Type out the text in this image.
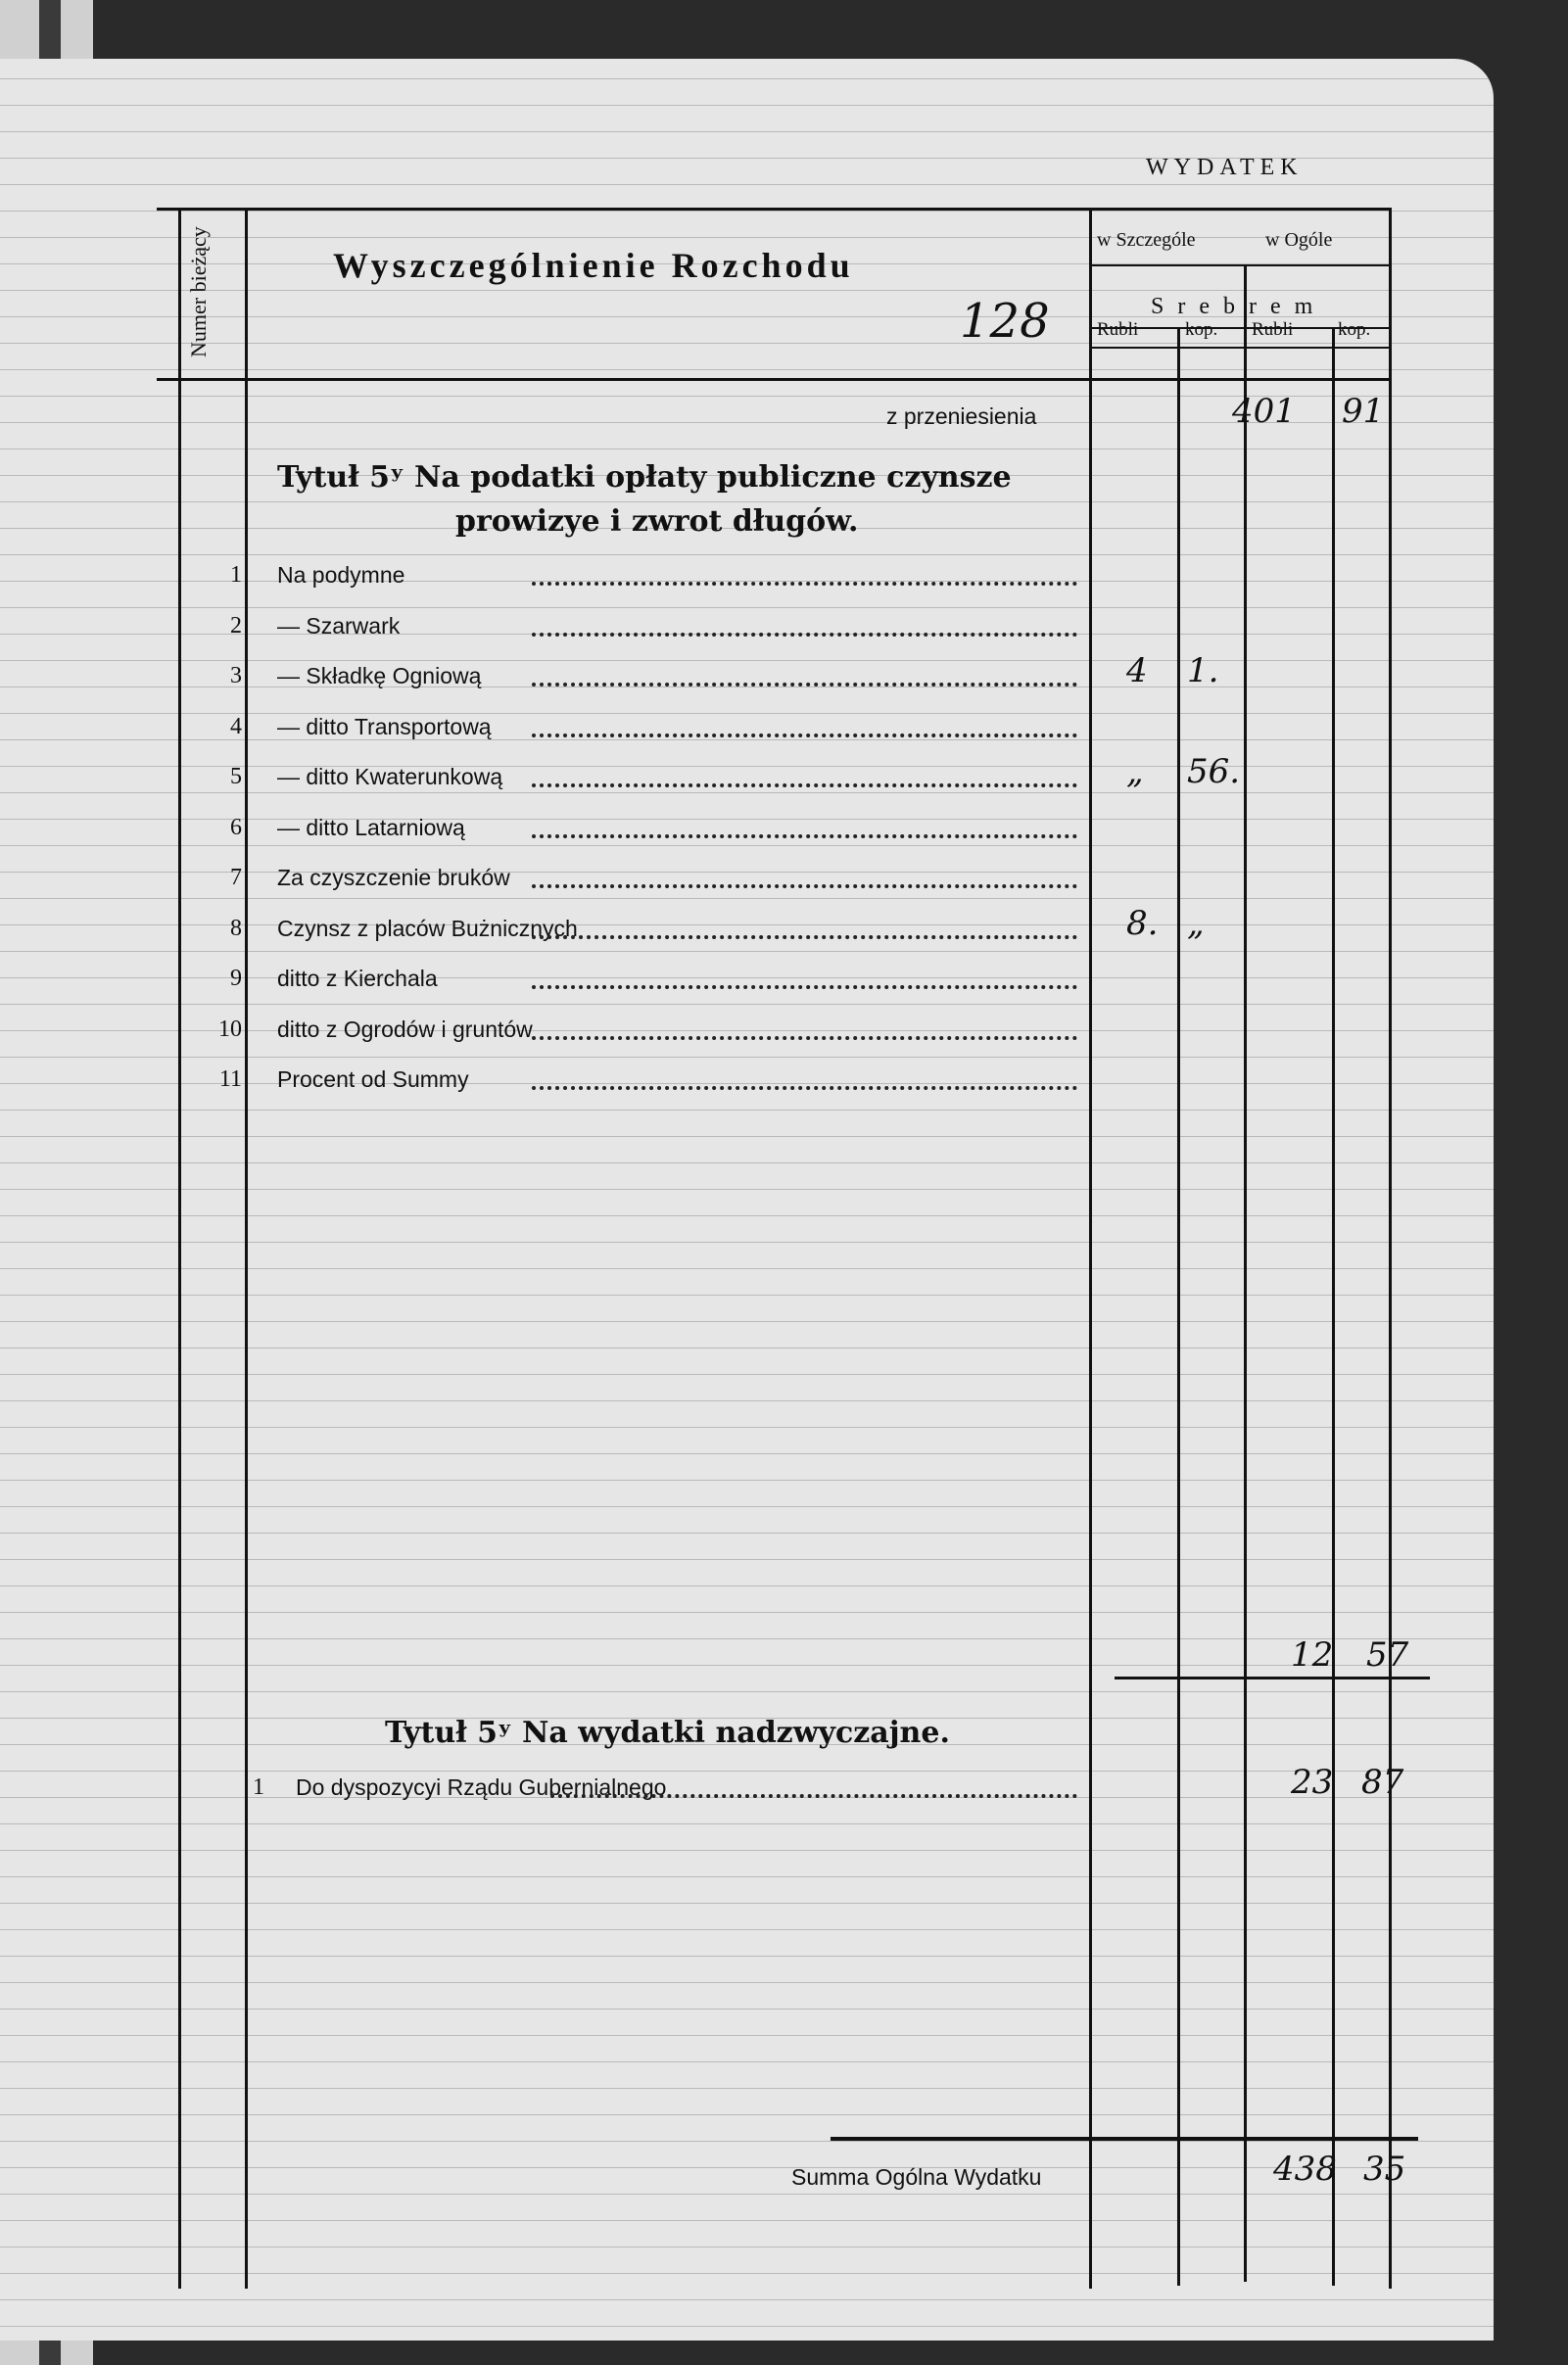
Numer bieżący	Wyszczególnienie Rozchodu
128
WYDATEK
w Szczególe	w Ogóle
Srebrem
Rubli	kop. Rubli kop.
z przeniesienia	401 91
Tytuł 5ʸ Na podatki opłaty publiczne czynsze
prowizye i zwrot długów.
1 Na podymne
2 — Szarwark
3 — Składkę Ogniową	4 1.
4 — ditto Transportową
5 — ditto Kwaterunkową	„ 56.
6 — ditto Latarniową
7 Za czyszczenie bruków
8 Czynsz z placów Bużnicznych	8. „
9 ditto z Kierchala
10 ditto z Ogrodów i gruntów
11 Procent od Summy
12 57
Tytuł 5ʸ Na wydatki nadzwyczajne.
1 Do dyspozycyi Rządu Gubernialnego	23 87
Summa Ogólna Wydatku	438 35
